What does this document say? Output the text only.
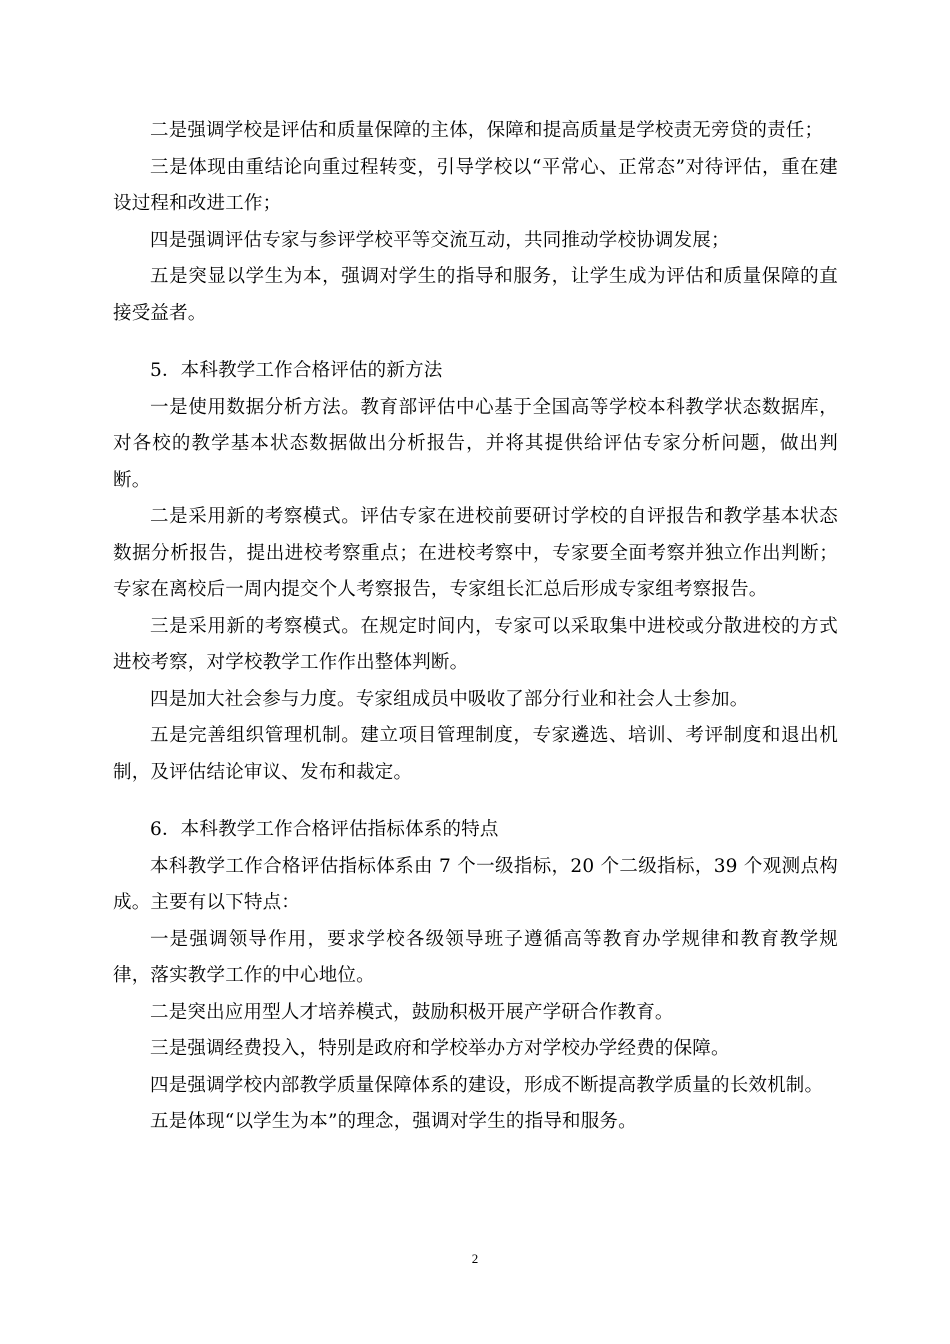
二是强调学校是评估和质量保障的主体，保障和提高质量是学校责无旁贷的责任；

三是体现由重结论向重过程转变，引导学校以“平常心、正常态”对待评估，重在建设过程和改进工作；

四是强调评估专家与参评学校平等交流互动，共同推动学校协调发展；

五是突显以学生为本，强调对学生的指导和服务，让学生成为评估和质量保障的直接受益者。

5．本科教学工作合格评估的新方法

一是使用数据分析方法。教育部评估中心基于全国高等学校本科教学状态数据库，对各校的教学基本状态数据做出分析报告，并将其提供给评估专家分析问题，做出判断。

二是采用新的考察模式。评估专家在进校前要研讨学校的自评报告和教学基本状态数据分析报告，提出进校考察重点；在进校考察中，专家要全面考察并独立作出判断；专家在离校后一周内提交个人考察报告，专家组长汇总后形成专家组考察报告。

三是采用新的考察模式。在规定时间内，专家可以采取集中进校或分散进校的方式进校考察，对学校教学工作作出整体判断。

四是加大社会参与力度。专家组成员中吸收了部分行业和社会人士参加。

五是完善组织管理机制。建立项目管理制度，专家遴选、培训、考评制度和退出机制，及评估结论审议、发布和裁定。

6．本科教学工作合格评估指标体系的特点

本科教学工作合格评估指标体系由 7 个一级指标，20 个二级指标，39 个观测点构成。主要有以下特点：

一是强调领导作用，要求学校各级领导班子遵循高等教育办学规律和教育教学规律，落实教学工作的中心地位。

二是突出应用型人才培养模式，鼓励积极开展产学研合作教育。

三是强调经费投入，特别是政府和学校举办方对学校办学经费的保障。

四是强调学校内部教学质量保障体系的建设，形成不断提高教学质量的长效机制。

五是体现“以学生为本”的理念，强调对学生的指导和服务。

2
